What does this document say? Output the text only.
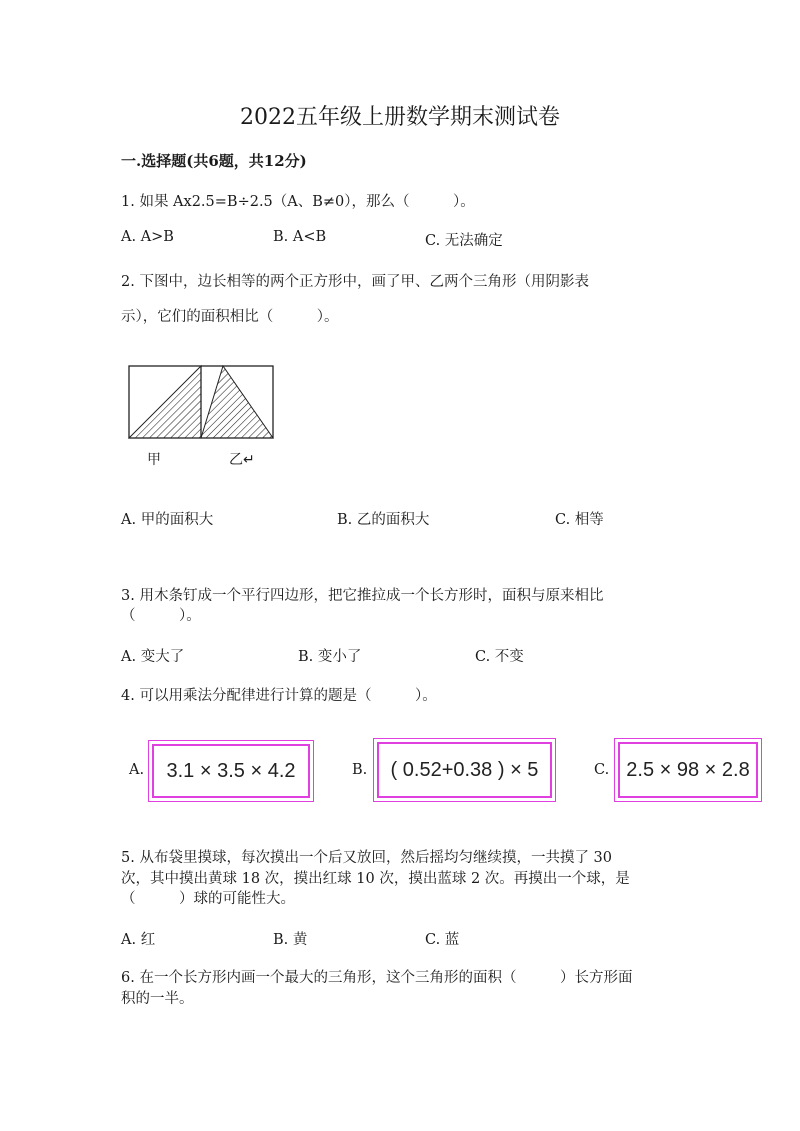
2022五年级上册数学期末测试卷
一.选择题(共6题，共12分)
1. 如果 Ax2.5=B÷2.5（A、B≠0），那么（　　　）。
A. A>B	B. A<B	C. 无法确定
2. 下图中，边长相等的两个正方形中，画了甲、乙两个三角形（用阴影表
示），它们的面积相比（　　　）。
甲	乙↵
A. 甲的面积大	B. 乙的面积大	C. 相等
3. 用木条钉成一个平行四边形，把它推拉成一个长方形时，面积与原来相比
（　　　）。
A. 变大了	B. 变小了	C. 不变
4. 可以用乘法分配律进行计算的题是（　　　）。
A. 3.1 × 3.5 × 4.2	B. ( 0.52+0.38 ) × 5	C. 2.5 × 98 × 2.8
5. 从布袋里摸球，每次摸出一个后又放回，然后摇均匀继续摸，一共摸了 30
次，其中摸出黄球 18 次，摸出红球 10 次，摸出蓝球 2 次。再摸出一个球，是
（　　　）球的可能性大。
A. 红	B. 黄	C. 蓝
6. 在一个长方形内画一个最大的三角形，这个三角形的面积（　　　）长方形面
积的一半。
